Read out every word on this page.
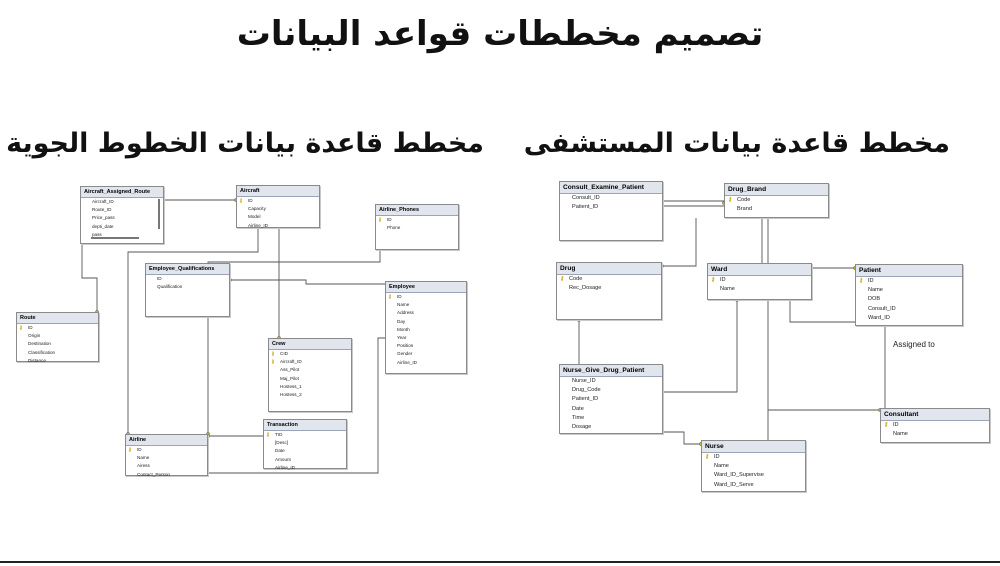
تصميم مخططات قواعد البيانات
مخطط قاعدة بيانات الخطوط الجوية مخطط قاعدة بيانات المستشفى
Aircraft_Assigned_Route
Aircraft_ID
Route_ID
Price_pass
depti_date
pass
Aircraft
⚷ ID
Capacity
Model
Airline_ID
Airline_Phones
⚷ ID
Phone
Route
⚷ ID
Origin
Destination
Classification
Distance
Employee_Qualifications
ID
Qualification	Employee
⚷ ID
Name
Address
Day
Month
Year
Position
Gender
Airline_ID
Crew
⚷ CID
⚷ Aircraft_ID
Ass_Pilot
Maj_Pilot
Hostess_1
Hostess_2
Transaction
⚷ TID
[Desc]
Date
Amount
Airline_ID
Airline
⚷ ID
Name
Airess
Contact_Person
Consult_Examine_Patient
Consult_ID
Patient_ID
Drug_Brand
⚷ Code
Brand
Drug
⚷ Code
Rec_Dosage
Ward
⚷ ID
Name
Patient
⚷ ID
Name
DOB
Consult_ID
Ward_ID
Nurse_Give_Drug_Patient
Nurse_ID
Drug_Code
Patient_ID
Date
Time
Dosage
Consultant
⚷ ID
Name
Nurse
⚷ ID
Name
Ward_ID_Supervise
Ward_ID_Serve
Assigned to
